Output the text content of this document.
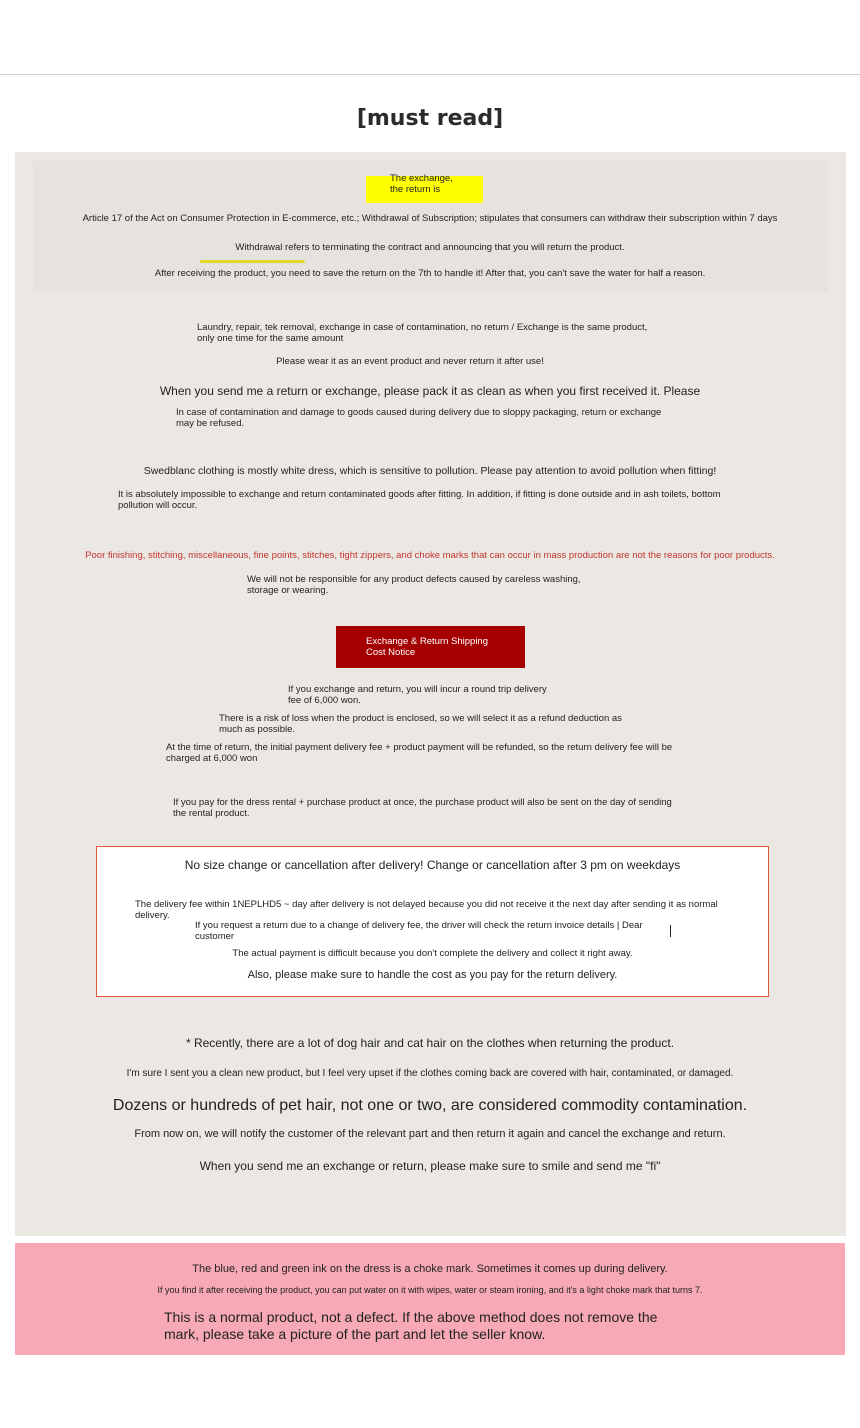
[must read]

The exchange, the return is

Article 17 of the Act on Consumer Protection in E-commerce, etc.; Withdrawal of Subscription; stipulates that consumers can withdraw their subscription within 7 days

Withdrawal refers to terminating the contract and announcing that you will return the product.

After receiving the product, you need to save the return on the 7th to handle it! After that, you can't save the water for half a reason.

Laundry, repair, tek removal, exchange in case of contamination, no return / Exchange is the same product, only one time for the same amount

Please wear it as an event product and never return it after use!

When you send me a return or exchange, please pack it as clean as when you first received it. Please

In case of contamination and damage to goods caused during delivery due to sloppy packaging, return or exchange may be refused.

Swedblanc clothing is mostly white dress, which is sensitive to pollution. Please pay attention to avoid pollution when fitting!

It is absolutely impossible to exchange and return contaminated goods after fitting. In addition, if fitting is done outside and in ash toilets, bottom pollution will occur.

Poor finishing, stitching, miscellaneous, fine points, stitches, tight zippers, and choke marks that can occur in mass production are not the reasons for poor products.

We will not be responsible for any product defects caused by careless washing, storage or wearing.

Exchange & Return Shipping Cost Notice

If you exchange and return, you will incur a round trip delivery fee of 6,000 won.

There is a risk of loss when the product is enclosed, so we will select it as a refund deduction as much as possible.

At the time of return, the initial payment delivery fee + product payment will be refunded, so the return delivery fee will be charged at 6,000 won

If you pay for the dress rental + purchase product at once, the purchase product will also be sent on the day of sending the rental product.

No size change or cancellation after delivery! Change or cancellation after 3 pm on weekdays

The delivery fee within 1NEPLHD5 ~ day after delivery is not delayed because you did not receive it the next day after sending it as normal delivery.

If you request a return due to a change of delivery fee, the driver will check the return invoice details | Dear customer

The actual payment is difficult because you don't complete the delivery and collect it right away.

Also, please make sure to handle the cost as you pay for the return delivery.

* Recently, there are a lot of dog hair and cat hair on the clothes when returning the product.

I'm sure I sent you a clean new product, but I feel very upset if the clothes coming back are covered with hair, contaminated, or damaged.

Dozens or hundreds of pet hair, not one or two, are considered commodity contamination.

From now on, we will notify the customer of the relevant part and then return it again and cancel the exchange and return.

When you send me an exchange or return, please make sure to smile and send me "fi"

The blue, red and green ink on the dress is a choke mark. Sometimes it comes up during delivery.

If you find it after receiving the product, you can put water on it with wipes, water or steam ironing, and it's a light choke mark that turns 7.

This is a normal product, not a defect. If the above method does not remove the mark, please take a picture of the part and let the seller know.
